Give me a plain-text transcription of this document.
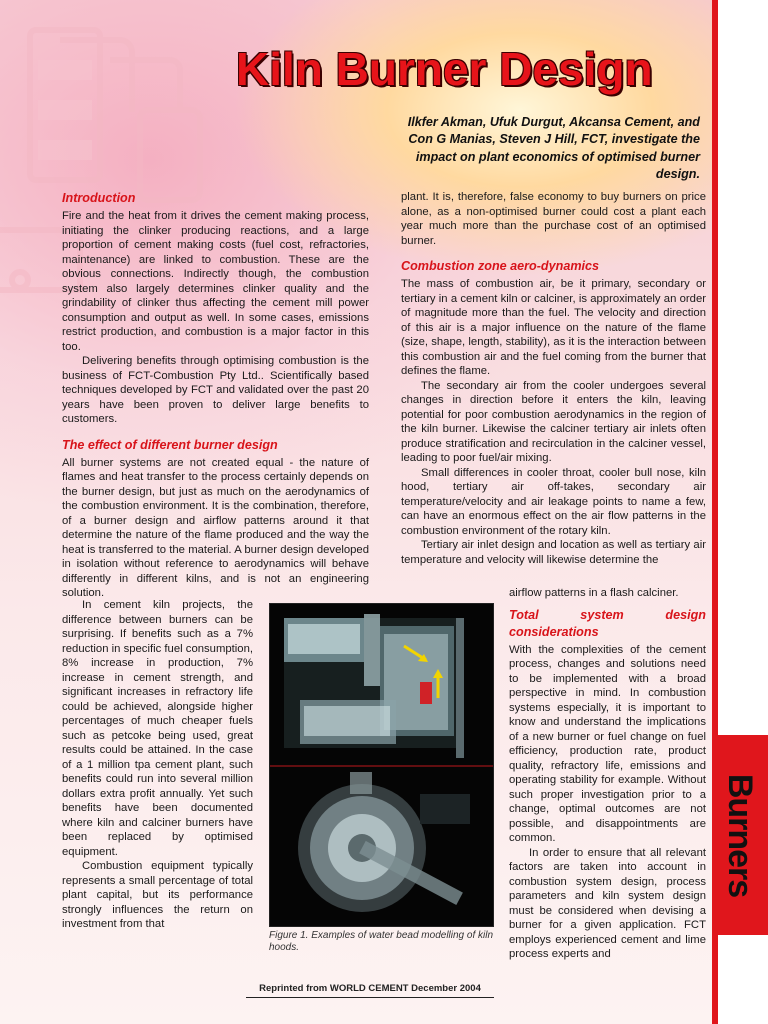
Burners
Kiln Burner Design

Ilkfer Akman, Ufuk Durgut, Akcansa Cement, and Con G Manias, Steven J Hill, FCT, investigate the impact on plant economics of optimised burner design.

Introduction

Fire and the heat from it drives the cement making process, initiating the clinker producing reactions, and a large proportion of cement making costs (fuel cost, refractories, maintenance) are linked to combustion. These are the obvious connections. Indirectly though, the combustion system also largely determines clinker quality and the grindability of clinker thus affecting the cement mill power consumption and output as well. In some cases, emissions restrict production, and combustion is a major factor in this too.

Delivering benefits through optimising combustion is the business of FCT-Combustion Pty Ltd.. Scientifically based techniques developed by FCT and validated over the past 20 years have been proven to deliver large benefits to customers.

The effect of different burner design

All burner systems are not created equal - the nature of flames and heat transfer to the process certainly depends on the burner design, but just as much on the aerodynamics of the combustion environment. It is the combination, therefore, of a burner design and airflow patterns around it that determine the nature of the flame produced and the way the heat is transferred to the material. A burner design developed in isolation without reference to aerodynamics will behave differently in different kilns, and is not an engineering solution.

In cement kiln projects, the difference between burners can be surprising. If benefits such as a 7% reduction in specific fuel consumption, 8% increase in production, 7% increase in cement strength, and significant increases in refractory life could be achieved, alongside higher percentages of much cheaper fuels such as petcoke being used, great results could be attained. In the case of a 1 million tpa cement plant, such benefits could run into several million dollars extra profit annually. Yet such benefits have been documented where kiln and calciner burners have been replaced by optimised equipment.

Combustion equipment typically represents a small percentage of total plant capital, but its performance strongly influences the return on investment from that

plant. It is, therefore, false economy to buy burners on price alone, as a non-optimised burner could cost a plant each year much more than the purchase cost of an optimised burner.

Combustion zone aero-dynamics

The mass of combustion air, be it primary, secondary or tertiary in a cement kiln or calciner, is approximately an order of magnitude more than the fuel. The velocity and direction of this air is a major influence on the nature of the flame (size, shape, length, stability), as it is the interaction between this combustion air and the fuel coming from the burner that defines the flame.

The secondary air from the cooler undergoes several changes in direction before it enters the kiln, leaving potential for poor combustion aerodynamics in the region of the kiln burner. Likewise the calciner tertiary air inlets often produce stratification and recirculation in the calciner vessel, leading to poor fuel/air mixing.

Small differences in cooler throat, cooler bull nose, kiln hood, tertiary air off-takes, secondary air temperature/velocity and air leakage points to name a few, can have an enormous effect on the air flow patterns in the combustion environment of the rotary kiln.

Tertiary air inlet design and location as well as tertiary air temperature and velocity will likewise determine the

airflow patterns in a flash calciner.

Total system design considerations

With the complexities of the cement process, changes and solutions need to be implemented with a broad perspective in mind. In combustion systems especially, it is important to know and understand the implications of a new burner or fuel change on fuel efficiency, production rate, product quality, refractory life, emissions and operating stability for example. Without such proper investigation prior to a change, optimal outcomes are not possible, and disappointments are common.

In order to ensure that all relevant factors are taken into account in combustion system design, process parameters and kiln system design must be considered when devising a burner for a given application. FCT employs experienced cement and lime process experts and

Figure 1. Examples of water bead modelling of kiln hoods.

Reprinted from WORLD CEMENT December 2004
